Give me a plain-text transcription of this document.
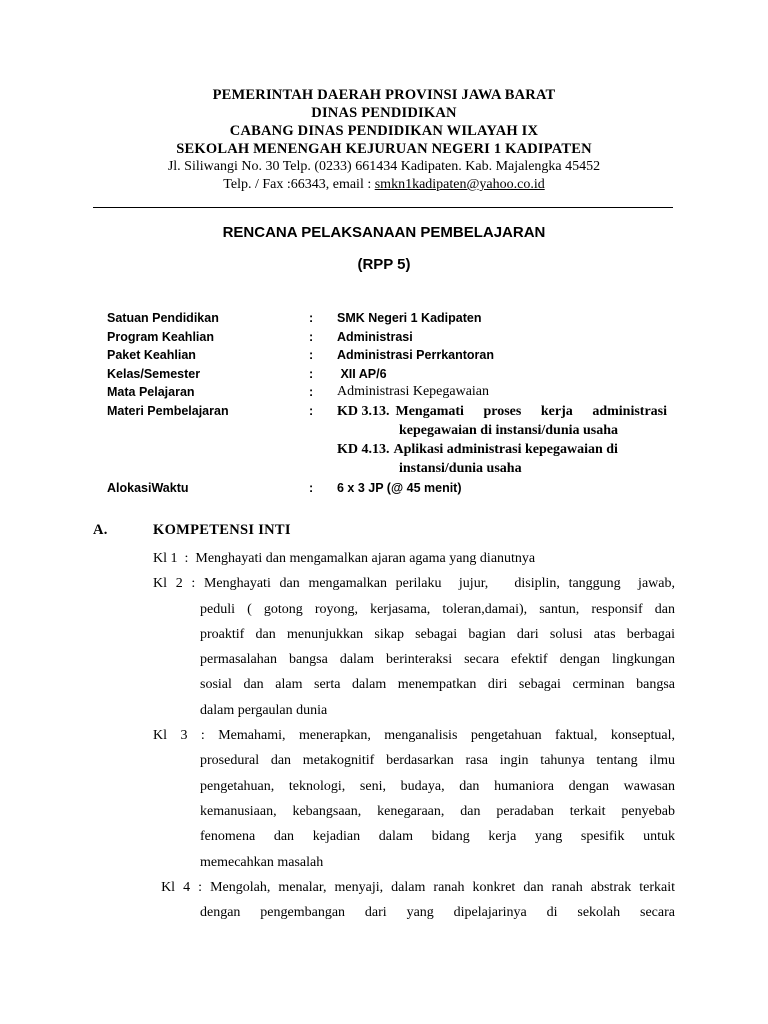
PEMERINTAH DAERAH PROVINSI JAWA BARAT
DINAS PENDIDIKAN
CABANG DINAS PENDIDIKAN WILAYAH IX
SEKOLAH MENENGAH KEJURUAN NEGERI 1 KADIPATEN
Jl. Siliwangi No. 30 Telp. (0233) 661434 Kadipaten. Kab. Majalengka 45452
Telp. / Fax :66343, email : smkn1kadipaten@yahoo.co.id
RENCANA PELAKSANAAN PEMBELAJARAN
(RPP 5)
Satuan Pendidikan	:	SMK Negeri 1 Kadipaten
Program Keahlian	:	Administrasi
Paket Keahlian	:	Administrasi Perrkantoran
Kelas/Semester	:	XII AP/6
Mata Pelajaran	:	Administrasi Kepegawaian
Materi Pembelajaran	:	KD 3.13. Mengamati proses kerja administrasi
kepegawaian di instansi/dunia usaha
KD 4.13. Aplikasi administrasi kepegawaian di
instansi/dunia usaha
AlokasiWaktu	:	6 x 3 JP (@ 45 menit)
A.	KOMPETENSI INTI
Kl 1  :  Menghayati dan mengamalkan ajaran agama yang dianutnya
Kl 2 : Menghayati dan mengamalkan perilaku  jujur,   disiplin, tanggung  jawab,
peduli ( gotong royong, kerjasama, toleran,damai), santun, responsif dan
proaktif dan menunjukkan sikap sebagai bagian dari solusi atas berbagai
permasalahan bangsa dalam berinteraksi secara efektif dengan lingkungan
sosial dan alam serta dalam menempatkan diri sebagai cerminan bangsa
dalam pergaulan dunia
Kl 3 : Memahami, menerapkan, menganalisis pengetahuan faktual, konseptual,
prosedural dan metakognitif berdasarkan rasa ingin tahunya tentang ilmu
pengetahuan, teknologi, seni, budaya, dan humaniora dengan wawasan
kemanusiaan, kebangsaan, kenegaraan, dan peradaban terkait penyebab
fenomena dan kejadian dalam bidang kerja yang spesifik untuk
memecahkan masalah
Kl 4 : Mengolah, menalar, menyaji, dalam ranah konkret dan ranah abstrak terkait
dengan pengembangan dari yang dipelajarinya di sekolah secara
